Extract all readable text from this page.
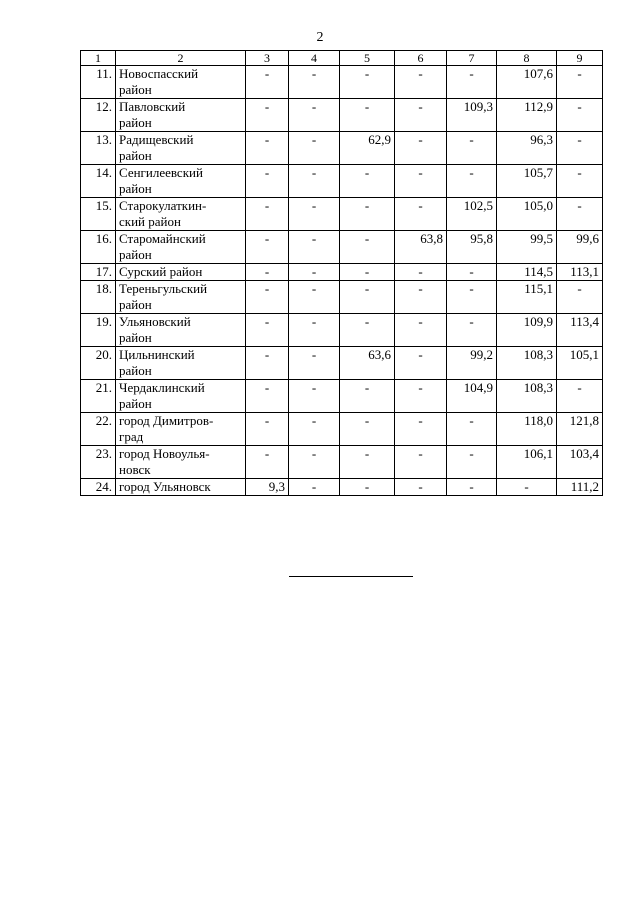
2
1	2	3	4	5	6	7	8	9
11.	Новоспасский
район	-	-	-	-	-	107,6	-
12.	Павловский
район	-	-	-	-	109,3	112,9	-
13.	Радищевский
район	-	-	62,9	-	-	96,3	-
14.	Сенгилеевский
район	-	-	-	-	-	105,7	-
15.	Старокулаткин-
ский район	-	-	-	-	102,5	105,0	-
16.	Старомайнский
район	-	-	-	63,8	95,8	99,5	99,6
17.	Сурский район	-	-	-	-	-	114,5	113,1
18.	Тереньгульский
район	-	-	-	-	-	115,1	-
19.	Ульяновский
район	-	-	-	-	-	109,9	113,4
20.	Цильнинский
район	-	-	63,6	-	99,2	108,3	105,1
21.	Чердаклинский
район	-	-	-	-	104,9	108,3	-
22.	город Димитров-
град	-	-	-	-	-	118,0	121,8
23.	город Новоулья-
новск	-	-	-	-	-	106,1	103,4
24.	город Ульяновск	9,3	-	-	-	-	-	111,2
